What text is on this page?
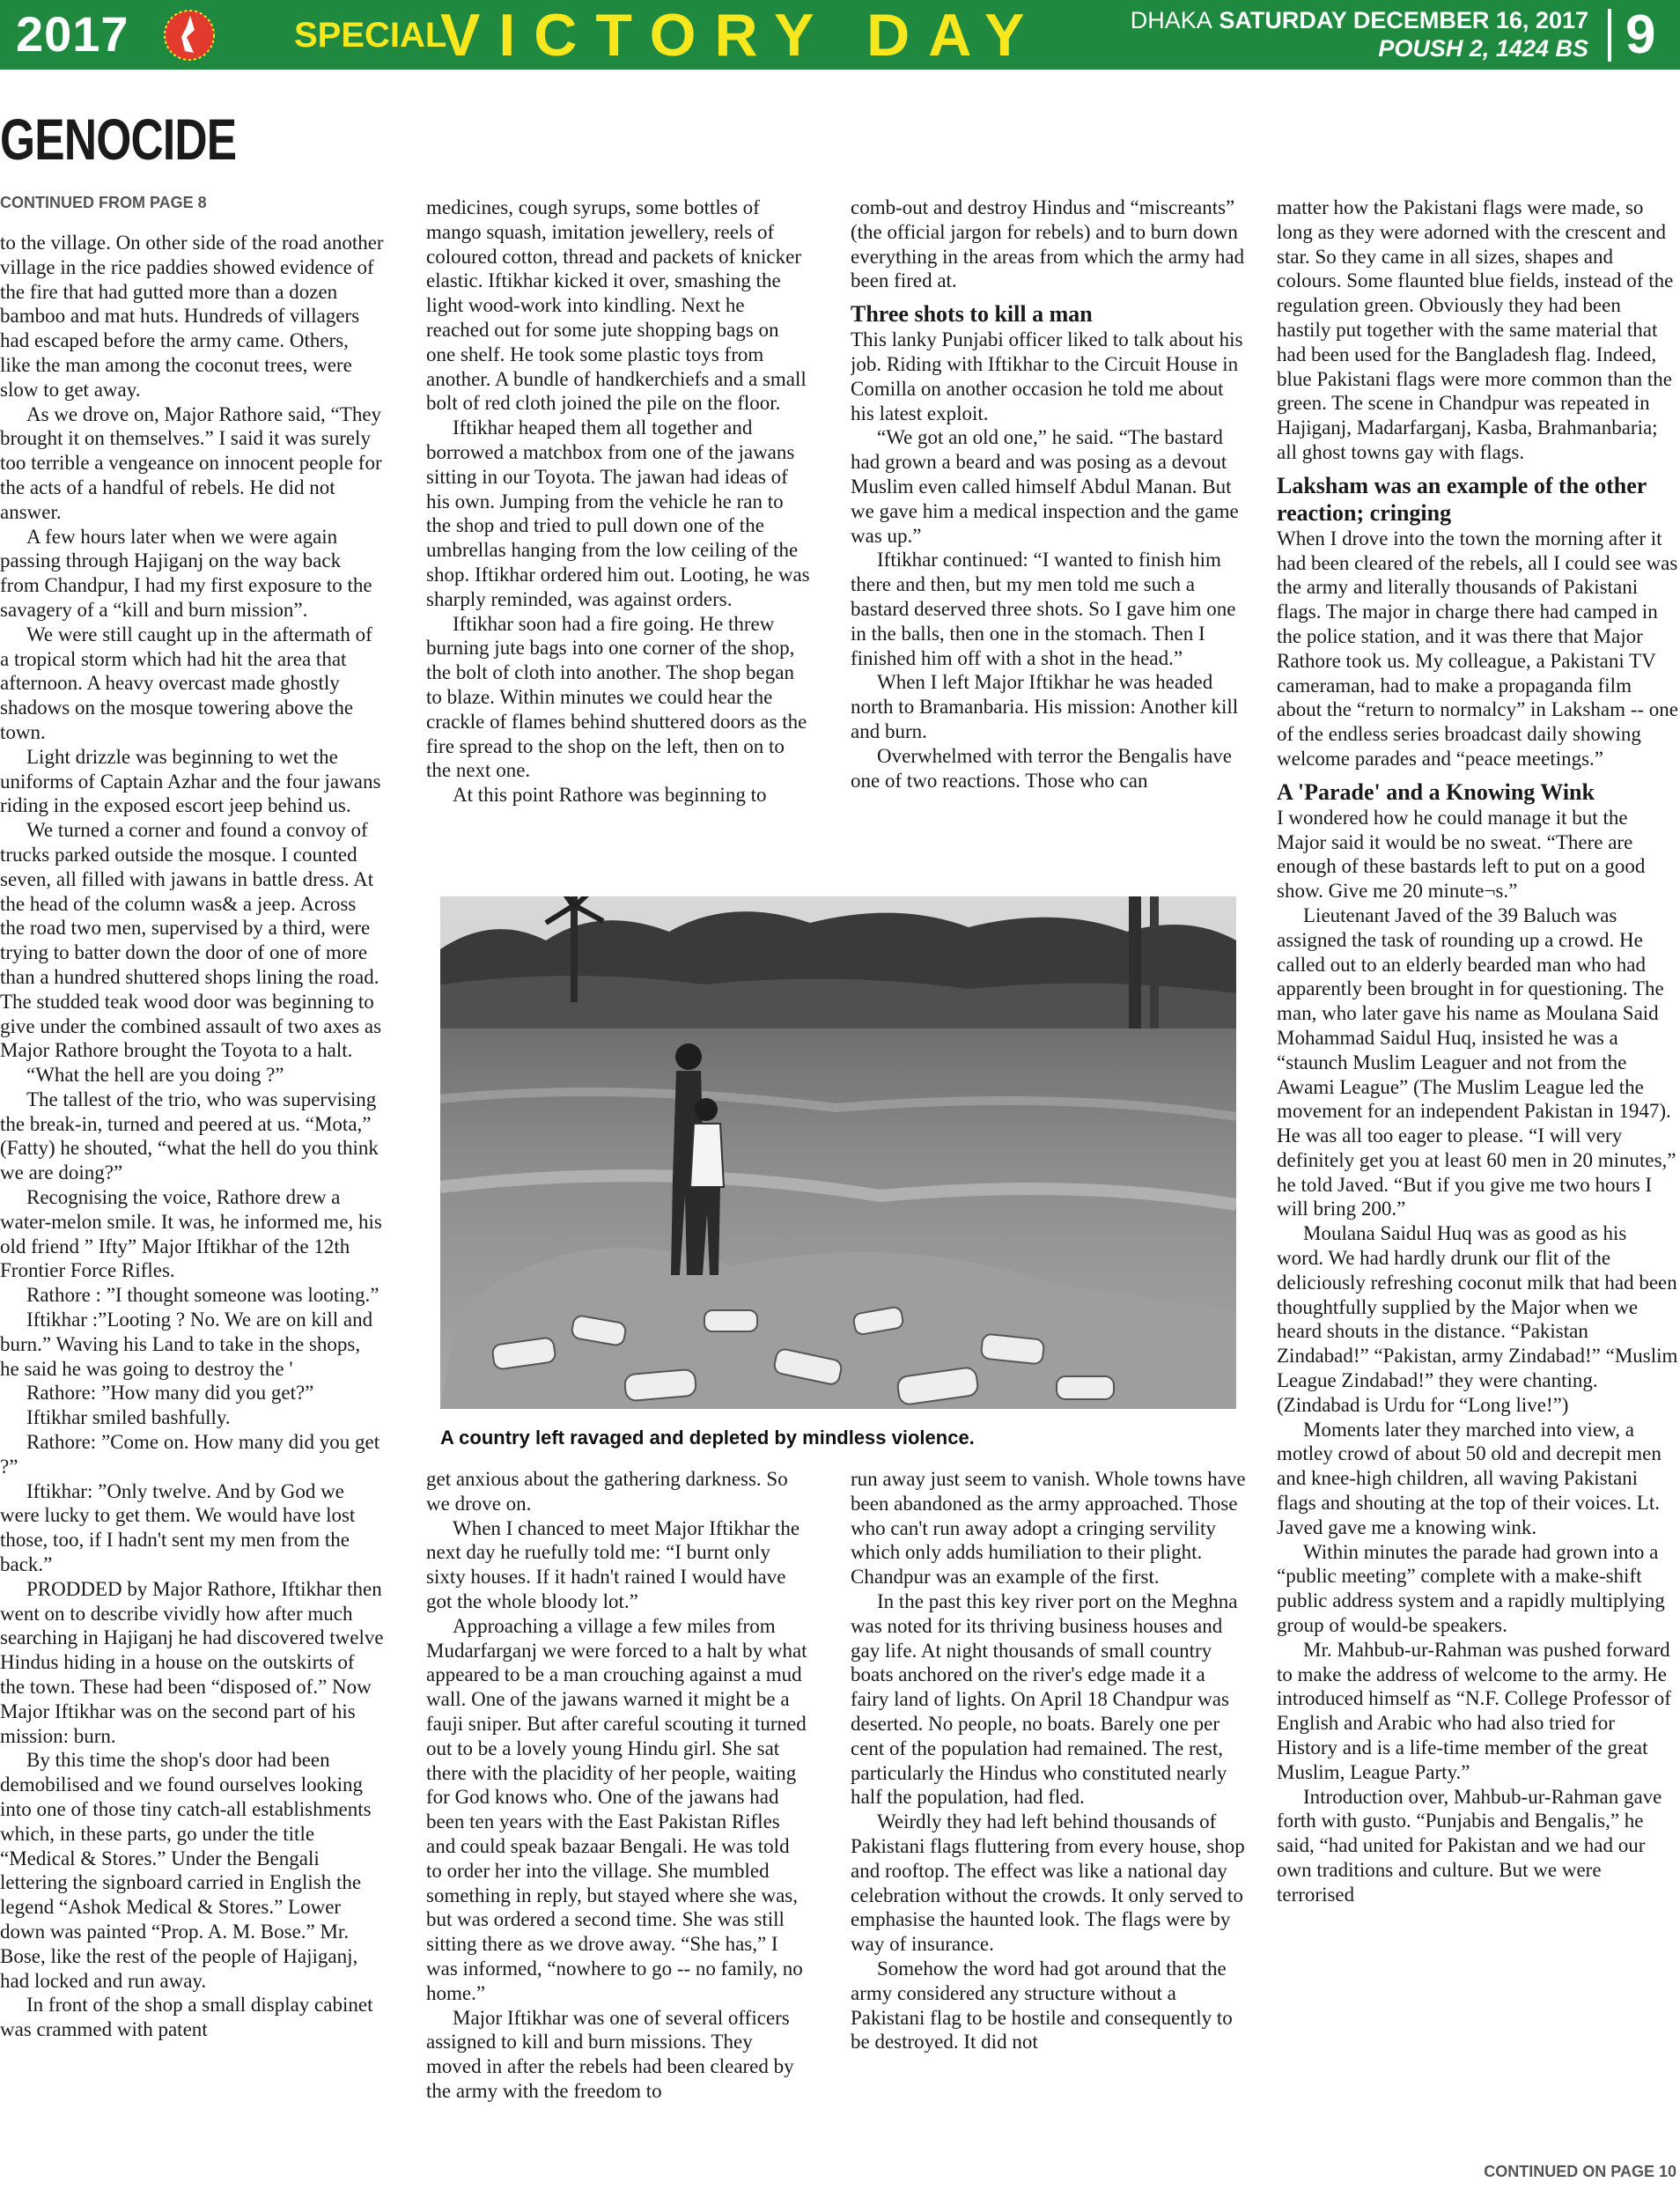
2017	SPECIAL
VICTORY DAY	DHAKA SATURDAY DECEMBER 16, 2017
POUSH 2, 1424 BS 9
GENOCIDE
CONTINUED FROM PAGE 8

to the village. On other side of the road another village in the rice paddies showed evidence of the fire that had gutted more than a dozen bamboo and mat huts. Hundreds of villagers had escaped before the army came. Others, like the man among the coconut trees, were slow to get away.

As we drove on, Major Rathore said, “They brought it on themselves.” I said it was surely too terrible a vengeance on innocent people for the acts of a handful of rebels. He did not answer.

A few hours later when we were again passing through Hajiganj on the way back from Chandpur, I had my first exposure to the savagery of a “kill and burn mission”.

We were still caught up in the aftermath of a tropical storm which had hit the area that afternoon. A heavy overcast made ghostly shadows on the mosque towering above the town.

Light drizzle was beginning to wet the uniforms of Captain Azhar and the four jawans riding in the exposed escort jeep behind us.

We turned a corner and found a convoy of trucks parked outside the mosque. I counted seven, all filled with jawans in battle dress. At the head of the column was& a jeep. Across the road two men, supervised by a third, were trying to batter down the door of one of more than a hundred shuttered shops lining the road. The studded teak wood door was beginning to give under the combined assault of two axes as Major Rathore brought the Toyota to a halt.

“What the hell are you doing ?”

The tallest of the trio, who was supervising the break-in, turned and peered at us. “Mota,” (Fatty) he shouted, “what the hell do you think we are doing?”

Recognising the voice, Rathore drew a water-melon smile. It was, he informed me, his old friend ” Ifty” Major Iftikhar of the 12th Frontier Force Rifles.

Rathore : ”I thought someone was looting.”

Iftikhar :”Looting ? No. We are on kill and burn.” Waving his Land to take in the shops, he said he was going to destroy the '

Rathore: ”How many did you get?”

Iftikhar smiled bashfully.

Rathore: ”Come on. How many did you get ?”

Iftikhar: ”Only twelve. And by God we were lucky to get them. We would have lost those, too, if I hadn't sent my men from the back.”

PRODDED by Major Rathore, Iftikhar then went on to describe vividly how after much searching in Hajiganj he had discovered twelve Hindus hiding in a house on the outskirts of the town. These had been “disposed of.” Now Major Iftikhar was on the second part of his mission: burn.

By this time the shop's door had been demobilised and we found ourselves looking into one of those tiny catch-all establishments which, in these parts, go under the title “Medical & Stores.” Under the Bengali lettering the signboard carried in English the legend “Ashok Medical & Stores.” Lower down was painted “Prop. A. M. Bose.” Mr. Bose, like the rest of the people of Hajiganj, had locked and run away.

In front of the shop a small display cabinet was crammed with patent

medicines, cough syrups, some bottles of mango squash, imitation jewellery, reels of coloured cotton, thread and packets of knicker elastic. Iftikhar kicked it over, smashing the light wood-work into kindling. Next he reached out for some jute shopping bags on one shelf. He took some plastic toys from another. A bundle of handkerchiefs and a small bolt of red cloth joined the pile on the floor.

Iftikhar heaped them all together and borrowed a matchbox from one of the jawans sitting in our Toyota. The jawan had ideas of his own. Jumping from the vehicle he ran to the shop and tried to pull down one of the umbrellas hanging from the low ceiling of the shop. Iftikhar ordered him out. Looting, he was sharply reminded, was against orders.

Iftikhar soon had a fire going. He threw burning jute bags into one corner of the shop, the bolt of cloth into another. The shop began to blaze. Within minutes we could hear the crackle of flames behind shuttered doors as the fire spread to the shop on the left, then on to the next one.

At this point Rathore was beginning to

comb-out and destroy Hindus and “miscreants” (the official jargon for rebels) and to burn down everything in the areas from which the army had been fired at.

Three shots to kill a man

This lanky Punjabi officer liked to talk about his job. Riding with Iftikhar to the Circuit House in Comilla on another occasion he told me about his latest exploit.

“We got an old one,” he said. “The bastard had grown a beard and was posing as a devout Muslim even called himself Abdul Manan. But we gave him a medical inspection and the game was up.”

Iftikhar continued: “I wanted to finish him there and then, but my men told me such a bastard deserved three shots. So I gave him one in the balls, then one in the stomach. Then I finished him off with a shot in the head.”

When I left Major Iftikhar he was headed north to Bramanbaria. His mission: Another kill and burn.

Overwhelmed with terror the Bengalis have one of two reactions. Those who can

matter how the Pakistani flags were made, so long as they were adorned with the crescent and star. So they came in all sizes, shapes and colours. Some flaunted blue fields, instead of the regulation green. Obviously they had been hastily put together with the same material that had been used for the Bangladesh flag. Indeed, blue Pakistani flags were more common than the green. The scene in Chandpur was repeated in Hajiganj, Madarfarganj, Kasba, Brahmanbaria; all ghost towns gay with flags.

Laksham was an example of the other reaction; cringing

When I drove into the town the morning after it had been cleared of the rebels, all I could see was the army and literally thousands of Pakistani flags. The major in charge there had camped in the police station, and it was there that Major Rathore took us. My colleague, a Pakistani TV cameraman, had to make a propaganda film about the “return to normalcy” in Laksham -- one of the endless series broadcast daily showing welcome parades and “peace meetings.”

A 'Parade' and a Knowing Wink

I wondered how he could manage it but the Major said it would be no sweat. “There are enough of these bastards left to put on a good show. Give me 20 minute¬s.”

Lieutenant Javed of the 39 Baluch was assigned the task of rounding up a crowd. He called out to an elderly bearded man who had apparently been brought in for questioning. The man, who later gave his name as Moulana Said Mohammad Saidul Huq, insisted he was a “staunch Muslim Leaguer and not from the Awami League” (The Muslim League led the movement for an independent Pakistan in 1947). He was all too eager to please. “I will very definitely get you at least 60 men in 20 minutes,” he told Javed. “But if you give me two hours I will bring 200.”

Moulana Saidul Huq was as good as his word. We had hardly drunk our flit of the deliciously refreshing coconut milk that had been thoughtfully supplied by the Major when we heard shouts in the distance. “Pakistan Zindabad!” “Pakistan, army Zindabad!” “Muslim League Zindabad!” they were chanting. (Zindabad is Urdu for “Long live!”)

Moments later they marched into view, a motley crowd of about 50 old and decrepit men and knee-high children, all waving Pakistani flags and shouting at the top of their voices. Lt. Javed gave me a knowing wink.

Within minutes the parade had grown into a “public meeting” complete with a make-shift public address system and a rapidly multiplying group of would-be speakers.

Mr. Mahbub-ur-Rahman was pushed forward to make the address of welcome to the army. He introduced himself as “N.F. College Professor of English and Arabic who had also tried for History and is a life-time member of the great Muslim, League Party.”

Introduction over, Mahbub-ur-Rahman gave forth with gusto. “Punjabis and Bengalis,” he said, “had united for Pakistan and we had our own traditions and culture. But we were terrorised

A country left ravaged and depleted by mindless violence.

get anxious about the gathering darkness. So we drove on.

When I chanced to meet Major Iftikhar the next day he ruefully told me: “I burnt only sixty houses. If it hadn't rained I would have got the whole bloody lot.”

Approaching a village a few miles from Mudarfarganj we were forced to a halt by what appeared to be a man crouching against a mud wall. One of the jawans warned it might be a fauji sniper. But after careful scouting it turned out to be a lovely young Hindu girl. She sat there with the placidity of her people, waiting for God knows who. One of the jawans had been ten years with the East Pakistan Rifles and could speak bazaar Bengali. He was told to order her into the village. She mumbled something in reply, but stayed where she was, but was ordered a second time. She was still sitting there as we drove away. “She has,” I was informed, “nowhere to go -- no family, no home.”

Major Iftikhar was one of several officers assigned to kill and burn missions. They moved in after the rebels had been cleared by the army with the freedom to

run away just seem to vanish. Whole towns have been abandoned as the army approached. Those who can't run away adopt a cringing servility which only adds humiliation to their plight. Chandpur was an example of the first.

In the past this key river port on the Meghna was noted for its thriving business houses and gay life. At night thousands of small country boats anchored on the river's edge made it a fairy land of lights. On April 18 Chandpur was deserted. No people, no boats. Barely one per cent of the population had remained. The rest, particularly the Hindus who constituted nearly half the population, had fled.

Weirdly they had left behind thousands of Pakistani flags fluttering from every house, shop and rooftop. The effect was like a national day celebration without the crowds. It only served to emphasise the haunted look. The flags were by way of insurance.

Somehow the word had got around that the army considered any structure without a Pakistani flag to be hostile and consequently to be destroyed. It did not

CONTINUED ON PAGE 10
